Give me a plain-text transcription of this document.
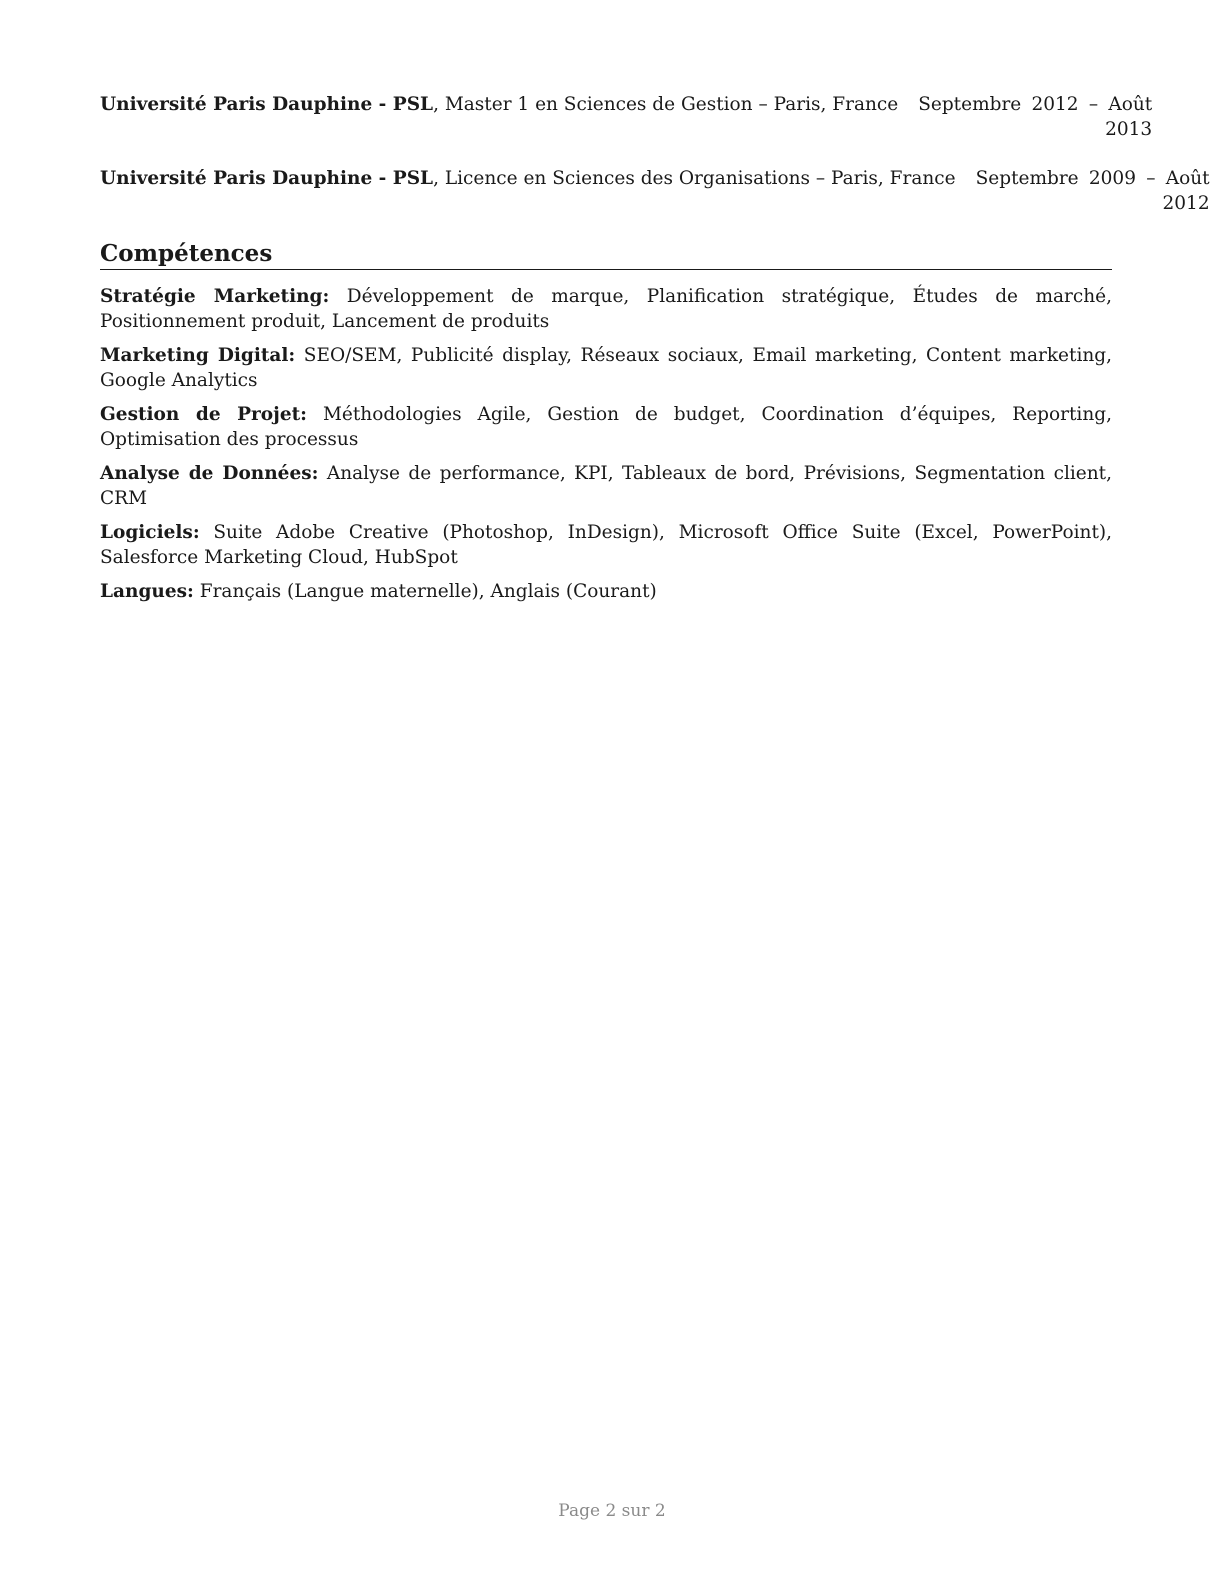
Université Paris Dauphine - PSL, Master 1 en Sciences de Gestion – Paris, France Septembre 2012 – Août
2013
Université Paris Dauphine - PSL, Licence en Sciences des Organisations – Paris, France Septembre 2009 – Août
2012
Compétences
Stratégie Marketing: Développement de marque, Planification stratégique, Études de marché, Positionnement produit, Lancement de produits
Marketing Digital: SEO/SEM, Publicité display, Réseaux sociaux, Email marketing, Content marketing, Google Analytics
Gestion de Projet: Méthodologies Agile, Gestion de budget, Coordination d’équipes, Reporting, Optimisation des processus
Analyse de Données: Analyse de performance, KPI, Tableaux de bord, Prévisions, Segmentation client, CRM
Logiciels: Suite Adobe Creative (Photoshop, InDesign), Microsoft Office Suite (Excel, PowerPoint), Salesforce Marketing Cloud, HubSpot
Langues: Français (Langue maternelle), Anglais (Courant)
Page 2 sur 2
